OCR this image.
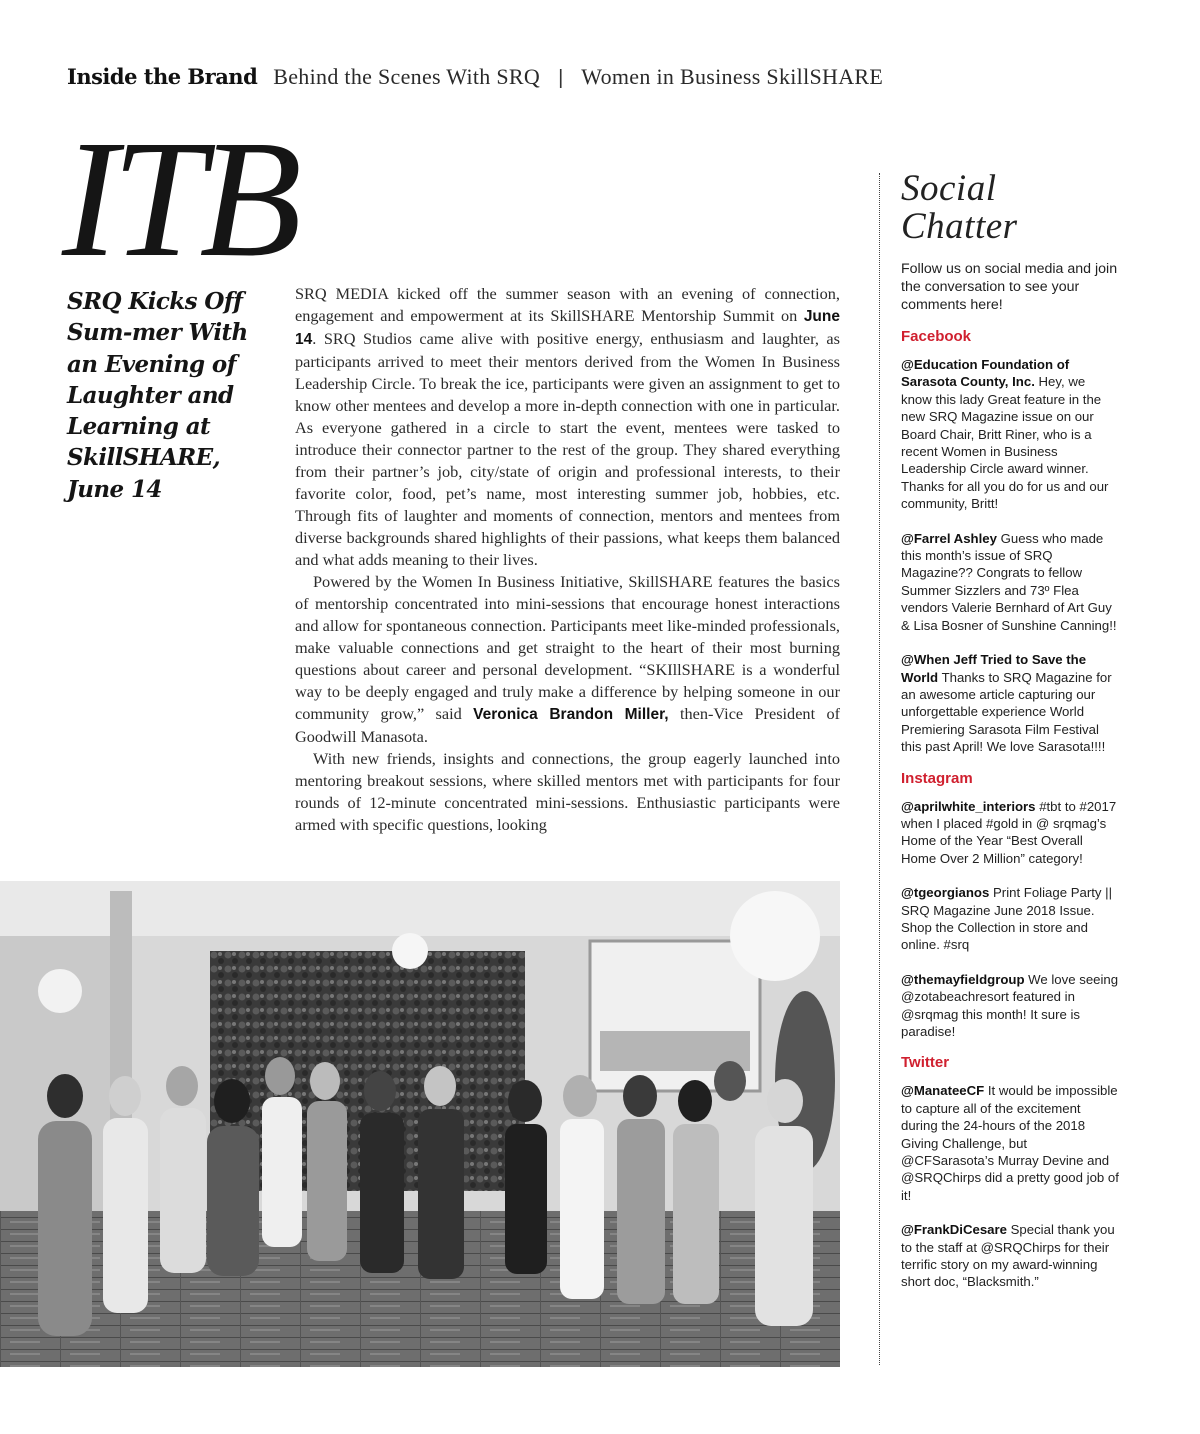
Inside the Brand Behind the Scenes With SRQ | Women in Business SkillSHARE
ITB
SRQ Kicks Off Sum-mer With an Evening of Laughter and Learning at SkillSHARE, June 14

SRQ MEDIA kicked off the summer season with an evening of connection, engagement and empowerment at its SkillSHARE Mentorship Summit on June 14. SRQ Studios came alive with positive energy, enthusiasm and laughter, as participants arrived to meet their mentors derived from the Women In Business Leadership Circle. To break the ice, participants were given an assignment to get to know other mentees and develop a more in-depth connection with one in particular. As everyone gathered in a circle to start the event, mentees were tasked to introduce their connector partner to the rest of the group. They shared everything from their partner’s job, city/state of origin and professional interests, to their favorite color, food, pet’s name, most interesting summer job, hobbies, etc. Through fits of laughter and moments of connection, mentors and mentees from diverse backgrounds shared highlights of their passions, what keeps them balanced and what adds meaning to their lives.

Powered by the Women In Business Initiative, SkillSHARE features the basics of mentorship concentrated into mini-sessions that encourage honest interactions and allow for spontaneous connection. Participants meet like-minded professionals, make valuable connections and get straight to the heart of their most burning questions about career and personal development. “SKIllSHARE is a wonderful way to be deeply engaged and truly make a difference by helping someone in our community grow,” said Veronica Brandon Miller, then-Vice President of Goodwill Manasota.

With new friends, insights and connections, the group eagerly launched into mentoring breakout sessions, where skilled mentors met with participants for four rounds of 12-minute concentrated mini-sessions. Enthusiastic participants were armed with specific questions, looking

Social
Chatter

Follow us on social media and join the conversation to see your comments here!

Facebook

@Education Foundation of Sarasota County, Inc. Hey, we know this lady Great feature in the new SRQ Magazine issue on our Board Chair, Britt Riner, who is a recent Women in Business Leadership Circle award winner. Thanks for all you do for us and our community, Britt!

@Farrel Ashley Guess who made this month’s issue of SRQ Magazine?? Congrats to fellow Summer Sizzlers and 73º Flea vendors Valerie Bernhard of Art Guy & Lisa Bosner of Sunshine Canning!!

@When Jeff Tried to Save the World Thanks to SRQ Magazine for an awesome article capturing our unforgettable experience World Premiering Sarasota Film Festival this past April! We love Sarasota!!!!

Instagram

@aprilwhite_interiors #tbt to #2017 when I placed #gold in @ srqmag’s Home of the Year “Best Overall Home Over 2 Million” category!

@tgeorgianos Print Foliage Party || SRQ Magazine June 2018 Issue. Shop the Collection in store and online. #srq

@themayfieldgroup We love seeing @zotabeachresort featured in @srqmag this month! It sure is paradise!

Twitter

@ManateeCF It would be impossible to capture all of the excitement during the 24-hours of the 2018 Giving Challenge, but @CFSarasota’s Murray Devine and @SRQChirps did a pretty good job of it!

@FrankDiCesare Special thank you to the staff at @SRQChirps for their terrific story on my award-winning short doc, “Blacksmith.”
